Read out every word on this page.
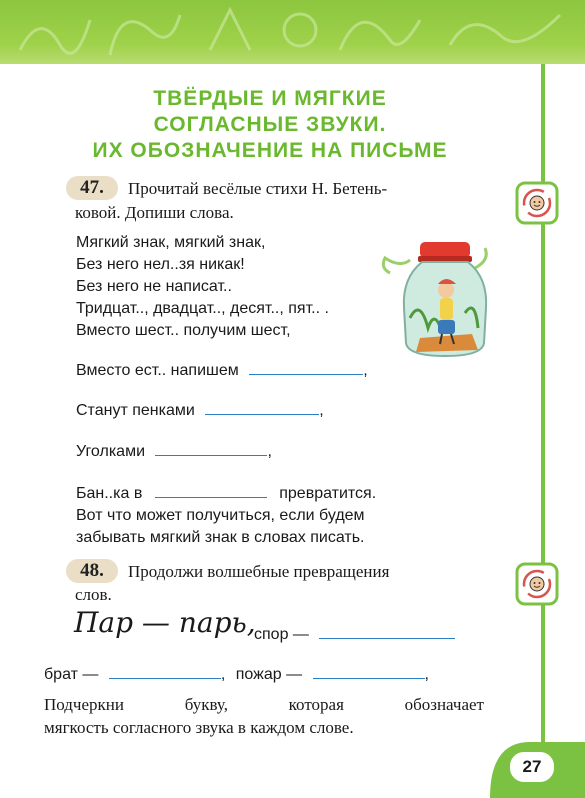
ТВЁРДЫЕ И МЯГКИЕ
СОГЛАСНЫЕ ЗВУКИ.
ИХ ОБОЗНАЧЕНИЕ НА ПИСЬМЕ
47.	Прочитай весёлые стихи Н. Бетень-
ковой. Допиши слова.
Мягкий знак, мягкий знак,
Без него нел..зя никак!
Без него не написат..
Тридцат.., двадцат.., десят.., пят.. .
Вместо шест.. получим шест,
Вместо ест.. напишем	,
Станут пенками	,
Уголками	,
Бан..ка в	превратится.
Вот что может получиться, если будем
забывать мягкий знак в словах писать.
48.	Продолжи волшебные превращения
слов.
Пар — парь,
спор —
брат —	, пожар —	,
Подчеркни букву, которая обозначает
мягкость согласного звука в каждом слове.
27
